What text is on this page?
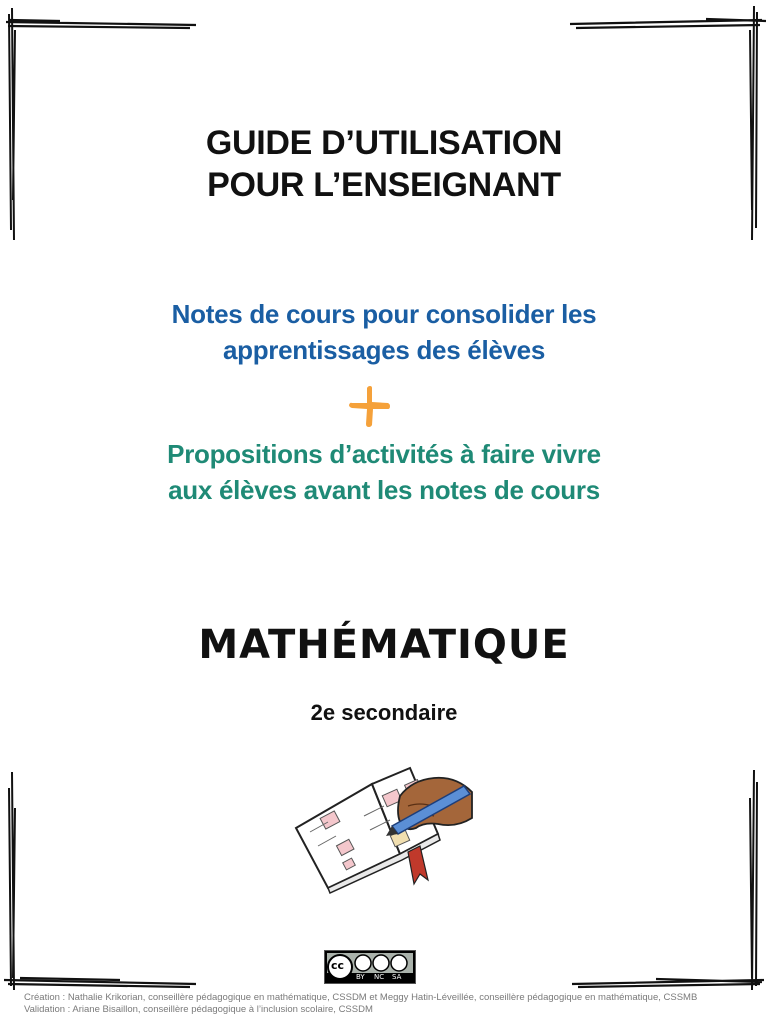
GUIDE D’UTILISATION
POUR L’ENSEIGNANT
Notes de cours pour consolider les
apprentissages des élèves
Propositions d’activités à faire vivre
aux élèves avant les notes de cours
MATHÉMATIQUE
2e secondaire
cc
BY NC SA
Création : Nathalie Krikorian, conseillère pédagogique en mathématique, CSSDM et Meggy Hatin-Léveillée, conseillère pédagogique en mathématique, CSSMB
Validation : Ariane Bisaillon, conseillère pédagogique à l’inclusion scolaire, CSSDM
